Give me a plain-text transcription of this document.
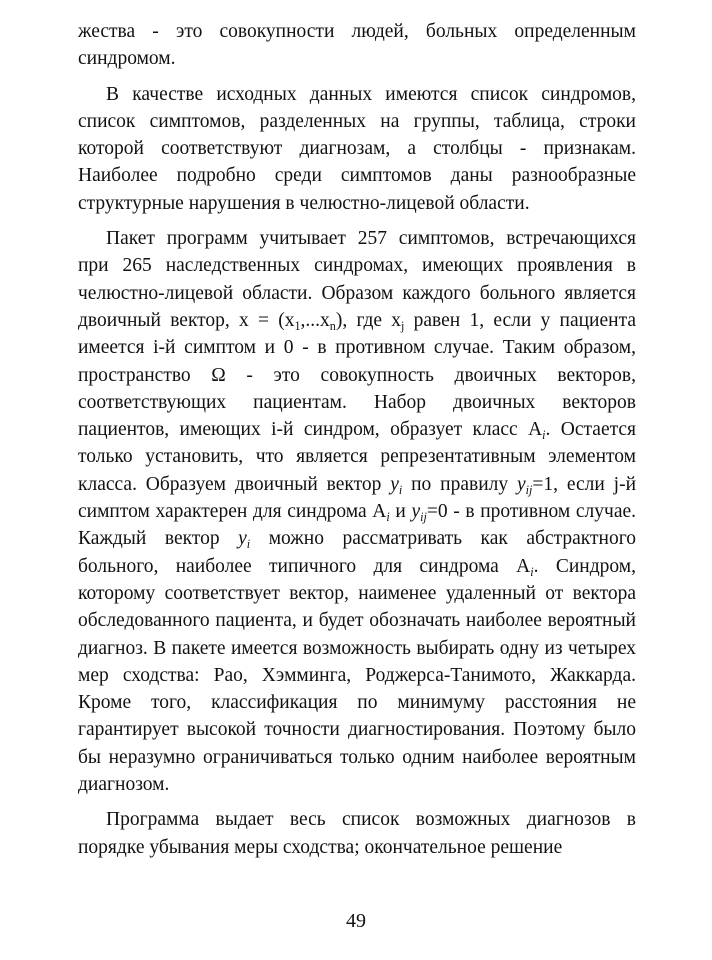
жества - это совокупности людей, больных определенным синдромом.

В качестве исходных данных имеются список синдромов, список симптомов, разделенных на группы, таблица, строки которой соответствуют диагнозам, а столбцы - признакам. Наиболее подробно среди симптомов даны разнообразные структурные нарушения в челюстно-лицевой области.

Пакет программ учитывает 257 симптомов, встречающихся при 265 наследственных синдромах, имеющих проявления в челюстно-лицевой области. Образом каждого больного является двоичный вектор, $x = (x_1,...x_n)$, где $x_j$ равен 1, если у пациента имеется i-й симптом и 0 - в противном случае. Таким образом, пространство Ω - это совокупность двоичных векторов, соответствующих пациентам. Набор двоичных векторов пациентов, имеющих i-й синдром, образует класс $A_i$. Остается только установить, что является репрезентативным элементом класса. Образуем двоичный вектор $y_i$ по правилу $y_{ij}=1$, если j-й симптом характерен для синдрома $A_i$ и $y_{ij}=0 - в$ противном случае. Каждый вектор $y_i$ можно рассматривать как абстрактного больного, наиболее типичного для синдрома $A_i$. Синдром, которому соответствует вектор, наименее удаленный от вектора обследованного пациента, и будет обозначать наиболее вероятный диагноз. В пакете имеется возможность выбирать одну из четырех мер сходства: Рао, Хэмминга, Роджерса-Танимото, Жаккарда. Кроме того, классификация по минимуму расстояния не гарантирует высокой точности диагностирования. Поэтому было бы неразумно ограничиваться только одним наиболее вероятным диагнозом.

Программа выдает весь список возможных диагнозов в порядке убывания меры сходства; окончательное решение

49
